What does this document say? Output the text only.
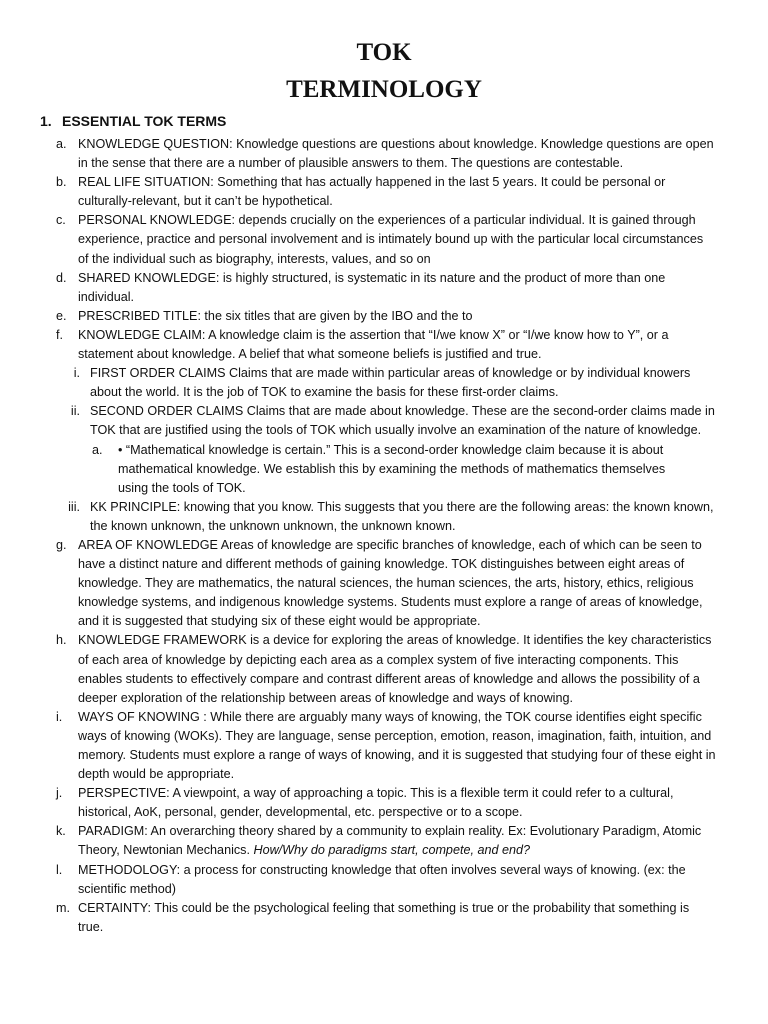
TOK
TERMINOLOGY
1. ESSENTIAL TOK TERMS
a. KNOWLEDGE QUESTION: Knowledge questions are questions about knowledge. Knowledge questions are open in the sense that there are a number of plausible answers to them. The questions are contestable.
b. REAL LIFE SITUATION: Something that has actually happened in the last 5 years. It could be personal or culturally-relevant, but it can’t be hypothetical.
c. PERSONAL KNOWLEDGE: depends crucially on the experiences of a particular individual. It is gained through experience, practice and personal involvement and is intimately bound up with the particular local circumstances of the individual such as biography, interests, values, and so on
d. SHARED KNOWLEDGE: is highly structured, is systematic in its nature and the product of more than one individual.
e. PRESCRIBED TITLE: the six titles that are given by the IBO and the to
f. KNOWLEDGE CLAIM: A knowledge claim is the assertion that “I/we know X” or “I/we know how to Y”, or a statement about knowledge. A belief that what someone beliefs is justified and true.
i. FIRST ORDER CLAIMS Claims that are made within particular areas of knowledge or by individual knowers about the world. It is the job of TOK to examine the basis for these first-order claims.
ii. SECOND ORDER CLAIMS Claims that are made about knowledge. These are the second-order claims made in TOK that are justified using the tools of TOK which usually involve an examination of the nature of knowledge.
a.	• “Mathematical knowledge is certain.” This is a second-order knowledge claim because it is about mathematical knowledge. We establish this by examining the methods of mathematics themselves using the tools of TOK.
iii. KK PRINCIPLE: knowing that you know. This suggests that you there are the following areas: the known known, the known unknown, the unknown unknown, the unknown known.
g. AREA OF KNOWLEDGE Areas of knowledge are specific branches of knowledge, each of which can be seen to have a distinct nature and different methods of gaining knowledge. TOK distinguishes between eight areas of knowledge. They are mathematics, the natural sciences, the human sciences, the arts, history, ethics, religious knowledge systems, and indigenous knowledge systems. Students must explore a range of areas of knowledge, and it is suggested that studying six of these eight would be appropriate.
h. KNOWLEDGE FRAMEWORK is a device for exploring the areas of knowledge. It identifies the key characteristics of each area of knowledge by depicting each area as a complex system of five interacting components. This enables students to effectively compare and contrast different areas of knowledge and allows the possibility of a deeper exploration of the relationship between areas of knowledge and ways of knowing.
i. WAYS OF KNOWING : While there are arguably many ways of knowing, the TOK course identifies eight specific ways of knowing (WOKs). They are language, sense perception, emotion, reason, imagination, faith, intuition, and memory. Students must explore a range of ways of knowing, and it is suggested that studying four of these eight in depth would be appropriate.
j. PERSPECTIVE: A viewpoint, a way of approaching a topic. This is a flexible term it could refer to a cultural, historical, AoK, personal, gender, developmental, etc. perspective or to a scope.
k. PARADIGM: An overarching theory shared by a community to explain reality. Ex: Evolutionary Paradigm, Atomic Theory, Newtonian Mechanics. How/Why do paradigms start, compete, and end?
l. METHODOLOGY: a process for constructing knowledge that often involves several ways of knowing. (ex: the scientific method)
m. CERTAINTY: This could be the psychological feeling that something is true or the probability that something is true.
